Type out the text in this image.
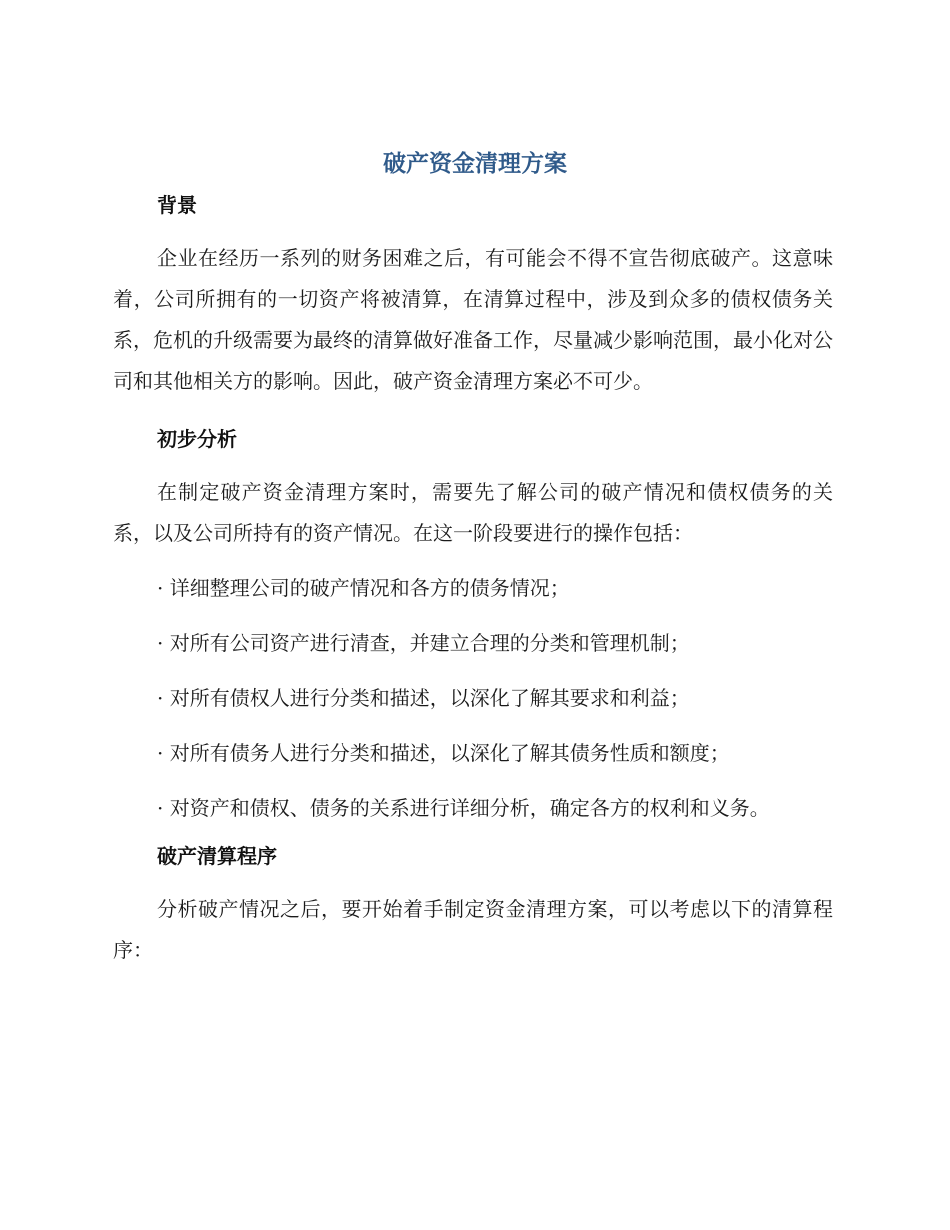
破产资金清理方案
背景

企业在经历一系列的财务困难之后，有可能会不得不宣告彻底破产。这意味着，公司所拥有的一切资产将被清算，在清算过程中，涉及到众多的债权债务关系，危机的升级需要为最终的清算做好准备工作，尽量减少影响范围，最小化对公司和其他相关方的影响。因此，破产资金清理方案必不可少。

初步分析

在制定破产资金清理方案时，需要先了解公司的破产情况和债权债务的关系，以及公司所持有的资产情况。在这一阶段要进行的操作包括：

· 详细整理公司的破产情况和各方的债务情况；
· 对所有公司资产进行清查，并建立合理的分类和管理机制；
· 对所有债权人进行分类和描述，以深化了解其要求和利益；
· 对所有债务人进行分类和描述，以深化了解其债务性质和额度；
· 对资产和债权、债务的关系进行详细分析，确定各方的权利和义务。
破产清算程序

分析破产情况之后，要开始着手制定资金清理方案，可以考虑以下的清算程序：
